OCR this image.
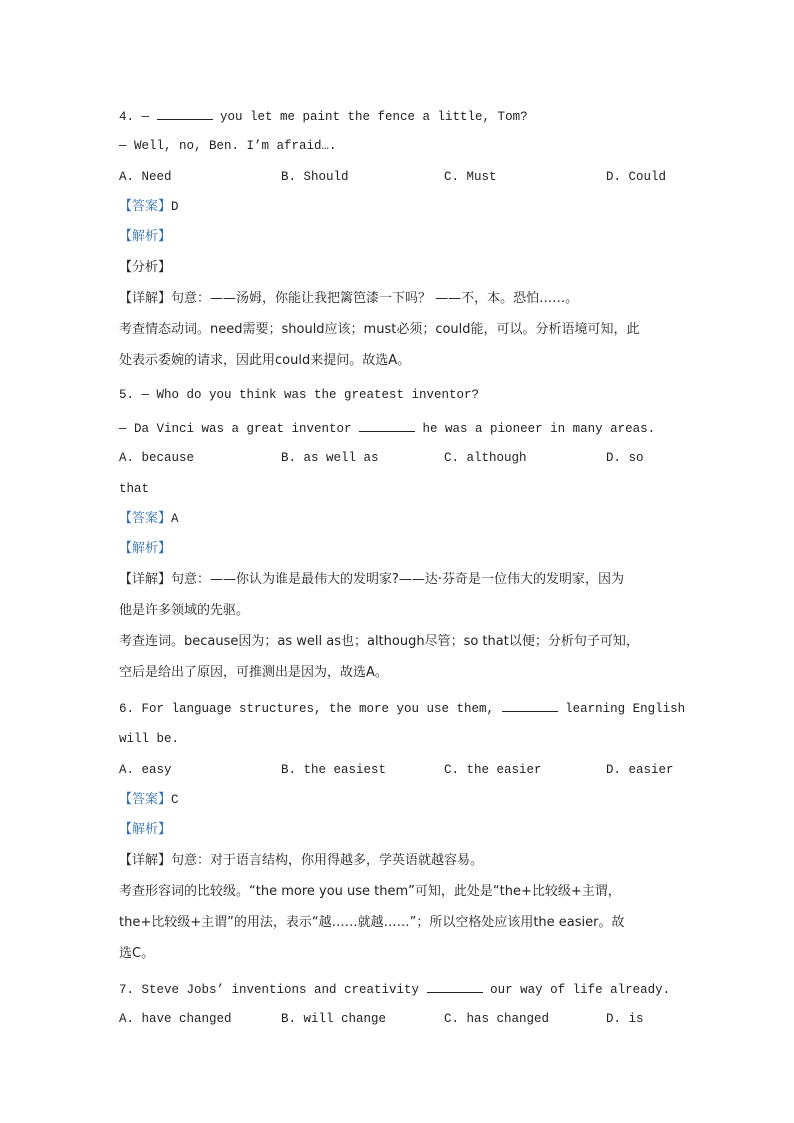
4. —	you let me paint the fence a little, Tom?
— Well, no, Ben. I’m afraid….
A. Need	B. Should	C. Must	D. Could
【答案】D
【解析】
【分析】
【详解】句意：——汤姆，你能让我把篱笆漆一下吗？ ——不，本。恐怕……。
考查情态动词。need需要；should应该；must必须；could能，可以。分析语境可知，此
处表示委婉的请求，因此用could来提问。故选A。
5. — Who do you think was the greatest inventor?
— Da Vinci was a great inventor	he was a pioneer in many areas.
A. because	B. as well as	C. although	D. so
that
【答案】A
【解析】
【详解】句意：——你认为谁是最伟大的发明家?——达·芬奇是一位伟大的发明家，因为
他是许多领域的先驱。
考查连词。because因为；as well as也；although尽管；so that以便；分析句子可知，
空后是给出了原因，可推测出是因为，故选A。
6. For language structures, the more you use them,	learning English
will be.
A. easy	B. the easiest	C. the easier	D. easier
【答案】C
【解析】
【详解】句意：对于语言结构，你用得越多，学英语就越容易。
考查形容词的比较级。“the more you use them”可知，此处是“the+比较级+主谓，
the+比较级+主谓”的用法，表示“越……就越……”；所以空格处应该用the easier。故
选C。
7. Steve Jobs’ inventions and creativity	our way of life already.
A. have changed	B. will change	C. has changed	D. is
